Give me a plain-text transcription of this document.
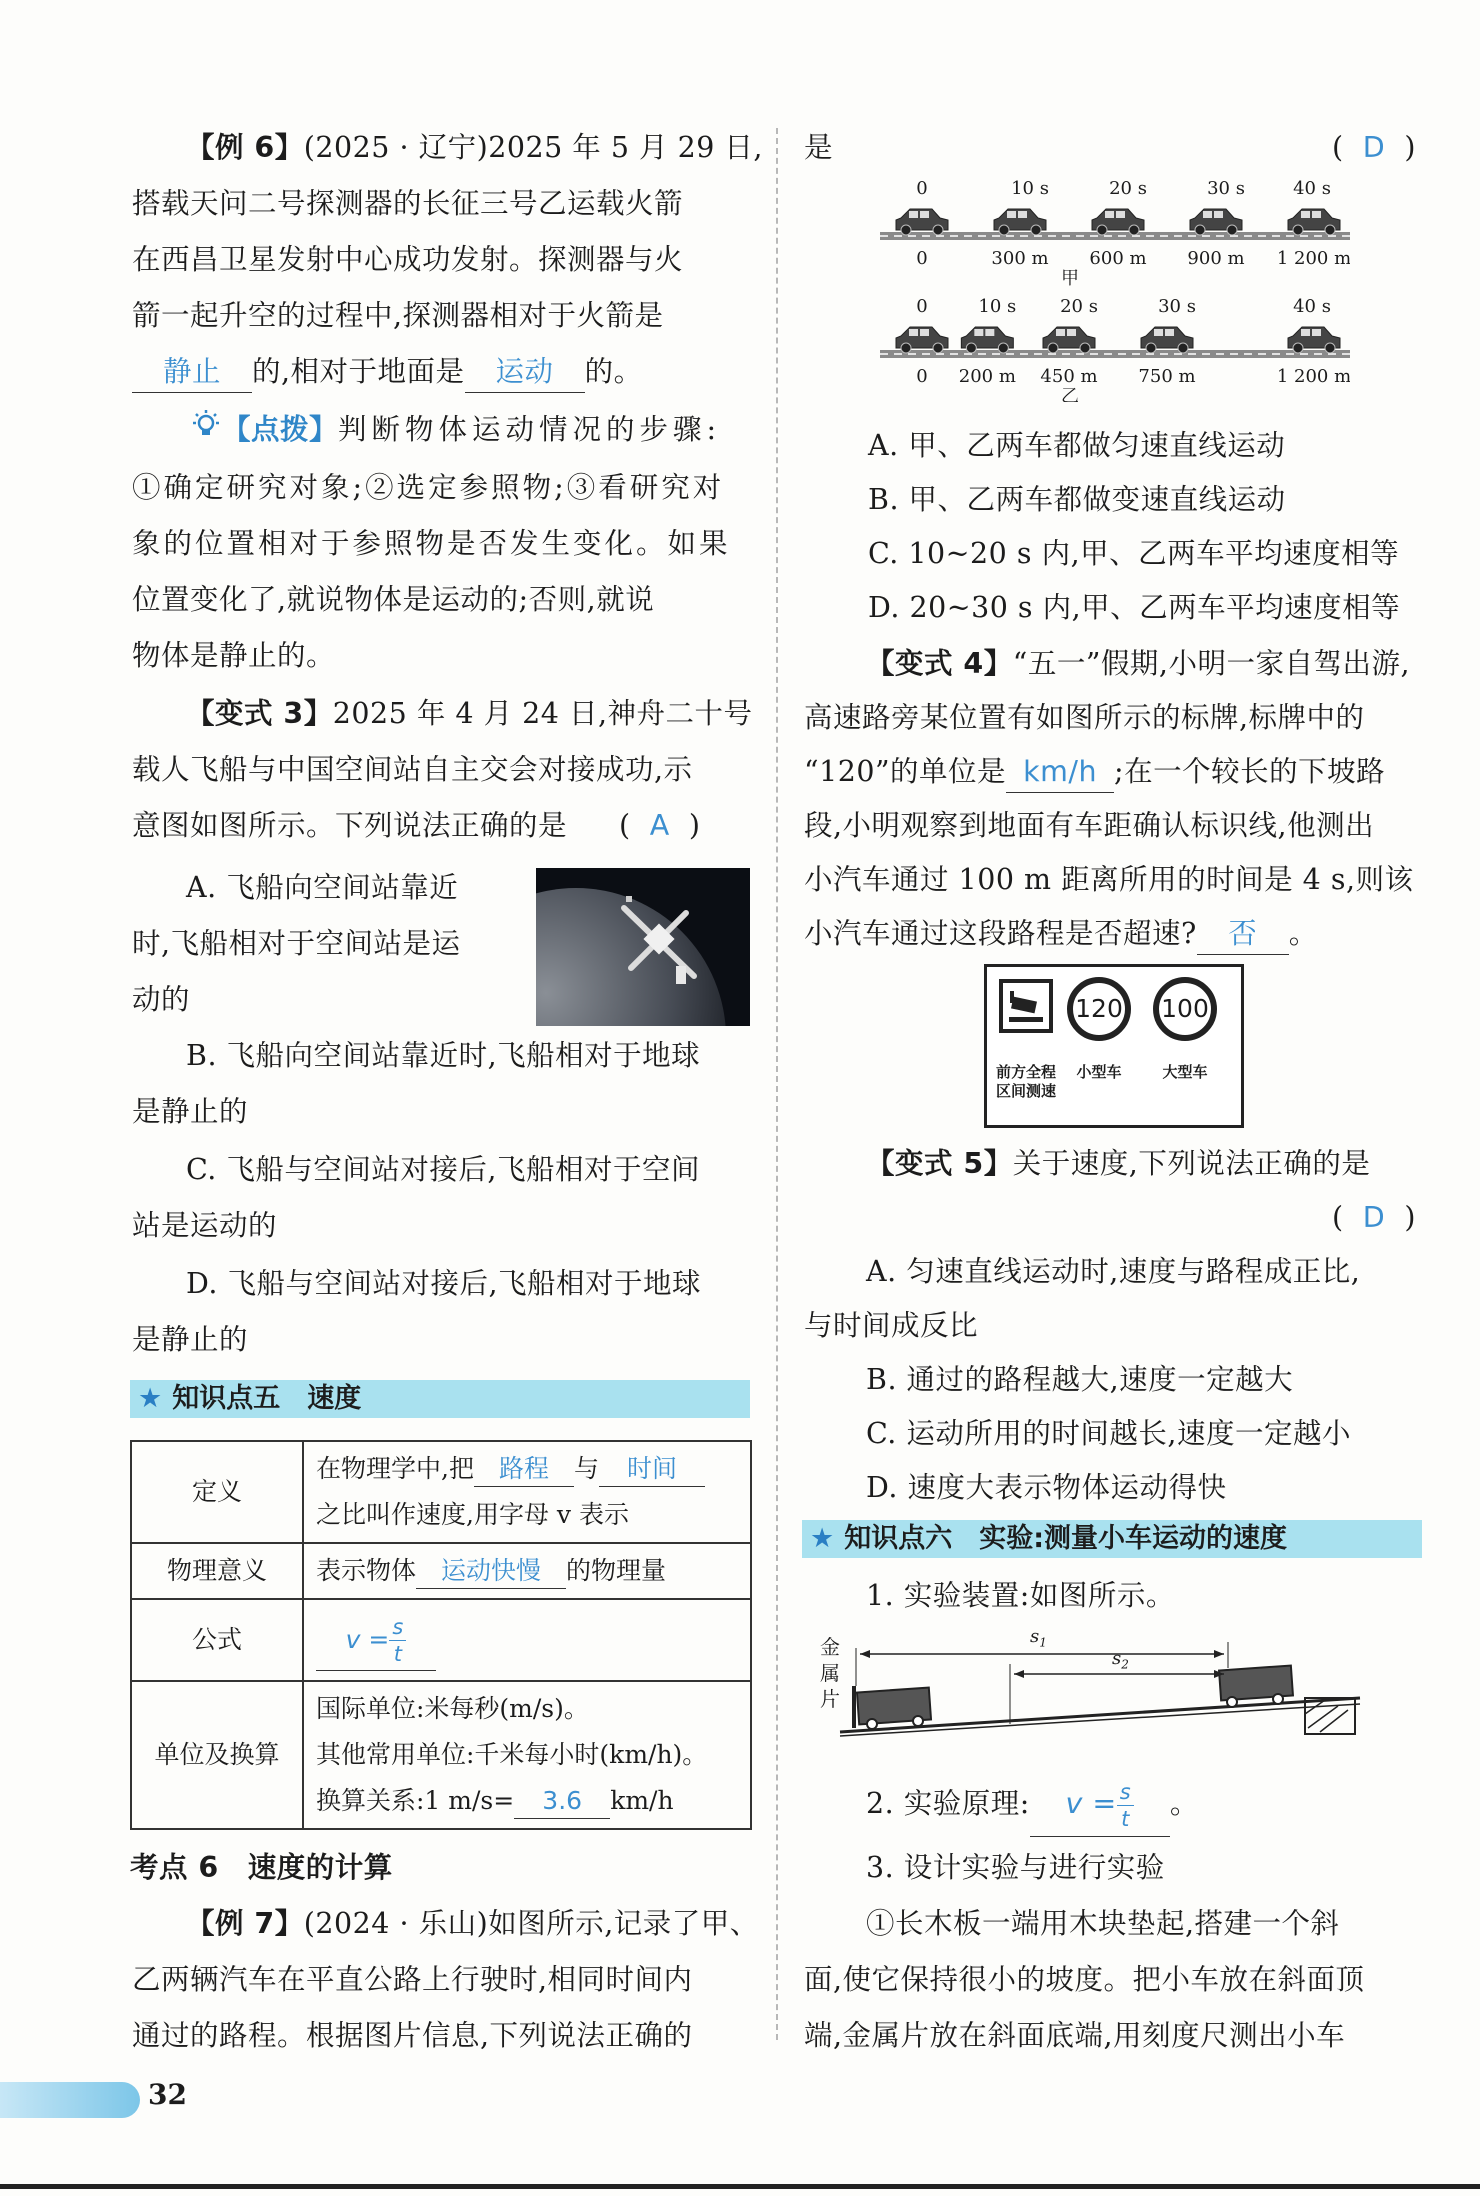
【例 6】(2025 · 辽宁)2025 年 5 月 29 日,
搭载天问二号探测器的长征三号乙运载火箭
在西昌卫星发射中心成功发射。探测器与火
箭一起升空的过程中,探测器相对于火箭是
静止 的,相对于地面是 运动 的。
【点拨】判断物体运动情况的步骤:
①确定研究对象;②选定参照物;③看研究对
象的位置相对于参照物是否发生变化。如果
位置变化了,就说物体是运动的;否则,就说
物体是静止的。
【变式 3】2025 年 4 月 24 日,神舟二十号
载人飞船与中国空间站自主交会对接成功,示
意图如图所示。下列说法正确的是 ( A )
A. 飞船向空间站靠近
时,飞船相对于空间站是运
动的
B. 飞船向空间站靠近时,飞船相对于地球
是静止的
C. 飞船与空间站对接后,飞船相对于空间
站是运动的
D. 飞船与空间站对接后,飞船相对于地球
是静止的
★ 知识点五　速度
定义	在物理学中,把 路程 与 时间
之比叫作速度,用字母 v 表示

物理意义	表示物体 运动快慢 的物理量
公式	$v = \frac{s}{t}$

单位及换算	国际单位:米每秒(m/s)。
其他常用单位:千米每小时(km/h)。
换算关系:1 m/s= 3.6 km/h
考点 6　速度的计算
【例 7】(2024 · 乐山)如图所示,记录了甲、
乙两辆汽车在平直公路上行驶时,相同时间内
通过的路程。根据图片信息,下列说法正确的
是	(  D  )
0
0
10 s
300 m
20 s
600 m
30 s
900 m
40 s
1 200 m
甲
0
0
10 s
200 m
20 s
450 m
30 s
750 m
40 s
1 200 m
乙
A. 甲、乙两车都做匀速直线运动
B. 甲、乙两车都做变速直线运动
C. 10~20 s 内,甲、乙两车平均速度相等
D. 20~30 s 内,甲、乙两车平均速度相等
【变式 4】“五一”假期,小明一家自驾出游,
高速路旁某位置有如图所示的标牌,标牌中的
“120”的单位是 km/h ;在一个较长的下坡路
段,小明观察到地面有车距确认标识线,他测出
小汽车通过 100 m 距离所用的时间是 4 s,则该
小汽车通过这段路程是否超速? 否 。
120	100
前方全程
区间测速
小型车	大型车
【变式 5】关于速度,下列说法正确的是
(  D  )
A. 匀速直线运动时,速度与路程成正比,
与时间成反比
B. 通过的路程越大,速度一定越大
C. 运动所用的时间越长,速度一定越小
D. 速度大表示物体运动得快
★ 知识点六　实验:测量小车运动的速度
1. 实验装置:如图所示。
金属片
$s_1$
$s_2$
2. 实验原理: $v = \frac{s}{t}$ 。
3. 设计实验与进行实验
①长木板一端用木块垫起,搭建一个斜
面,使它保持很小的坡度。把小车放在斜面顶
端,金属片放在斜面底端,用刻度尺测出小车
32
